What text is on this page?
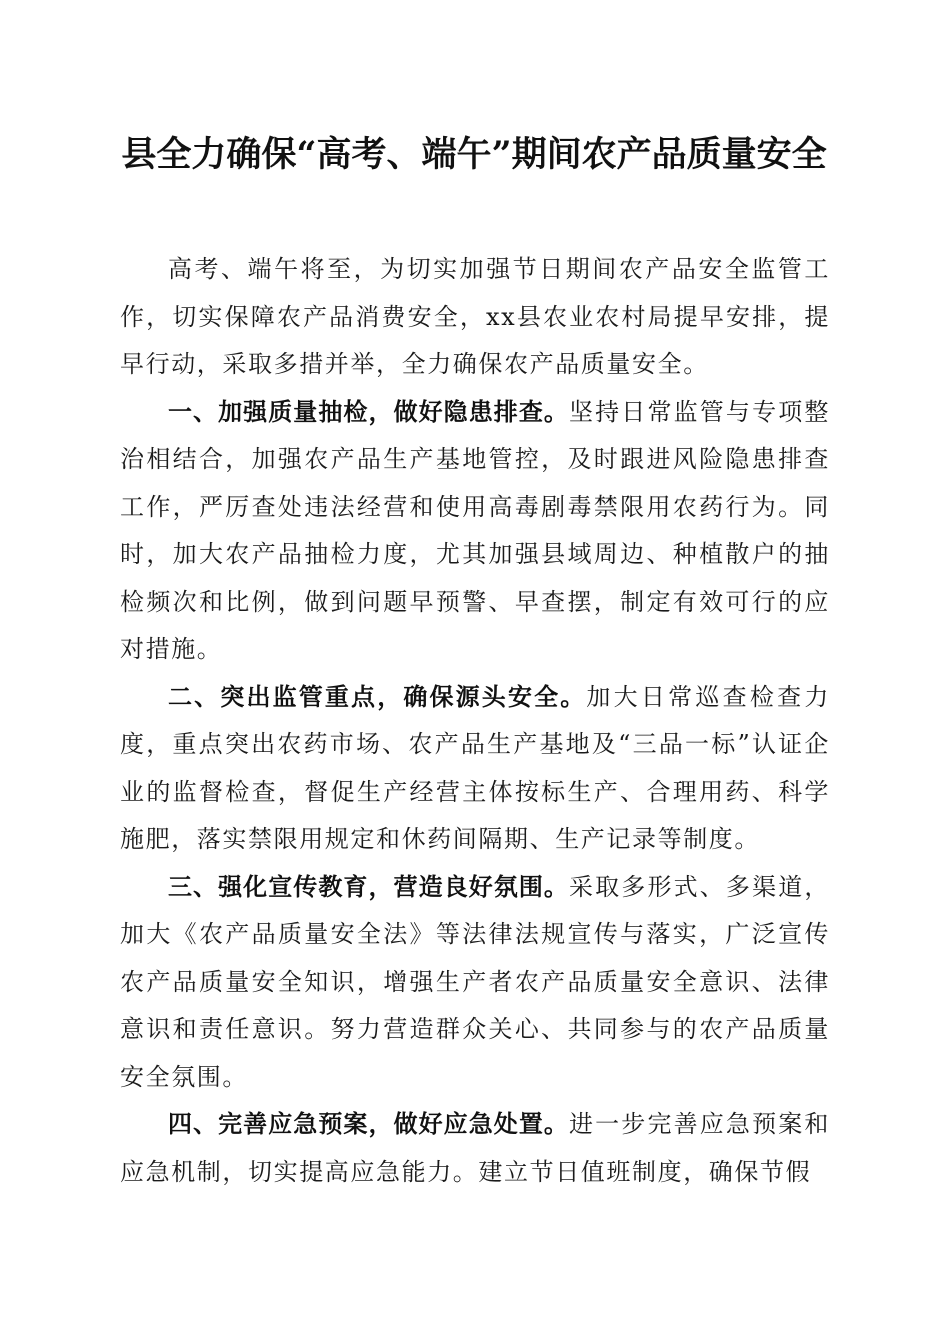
县全力确保“高考、端午”期间农产品质量安全

高考、端午将至，为切实加强节日期间农产品安全监管工作，切实保障农产品消费安全，xx县农业农村局提早安排，提早行动，采取多措并举，全力确保农产品质量安全。

一、加强质量抽检，做好隐患排查。坚持日常监管与专项整治相结合，加强农产品生产基地管控，及时跟进风险隐患排查工作，严厉查处违法经营和使用高毒剧毒禁限用农药行为。同时，加大农产品抽检力度，尤其加强县域周边、种植散户的抽检频次和比例，做到问题早预警、早查摆，制定有效可行的应对措施。

二、突出监管重点，确保源头安全。加大日常巡查检查力度，重点突出农药市场、农产品生产基地及“三品一标”认证企业的监督检查，督促生产经营主体按标生产、合理用药、科学施肥，落实禁限用规定和休药间隔期、生产记录等制度。

三、强化宣传教育，营造良好氛围。采取多形式、多渠道，加大《农产品质量安全法》等法律法规宣传与落实，广泛宣传农产品质量安全知识，增强生产者农产品质量安全意识、法律意识和责任意识。努力营造群众关心、共同参与的农产品质量安全氛围。

四、完善应急预案，做好应急处置。进一步完善应急预案和应急机制，切实提高应急能力。建立节日值班制度，确保节假
